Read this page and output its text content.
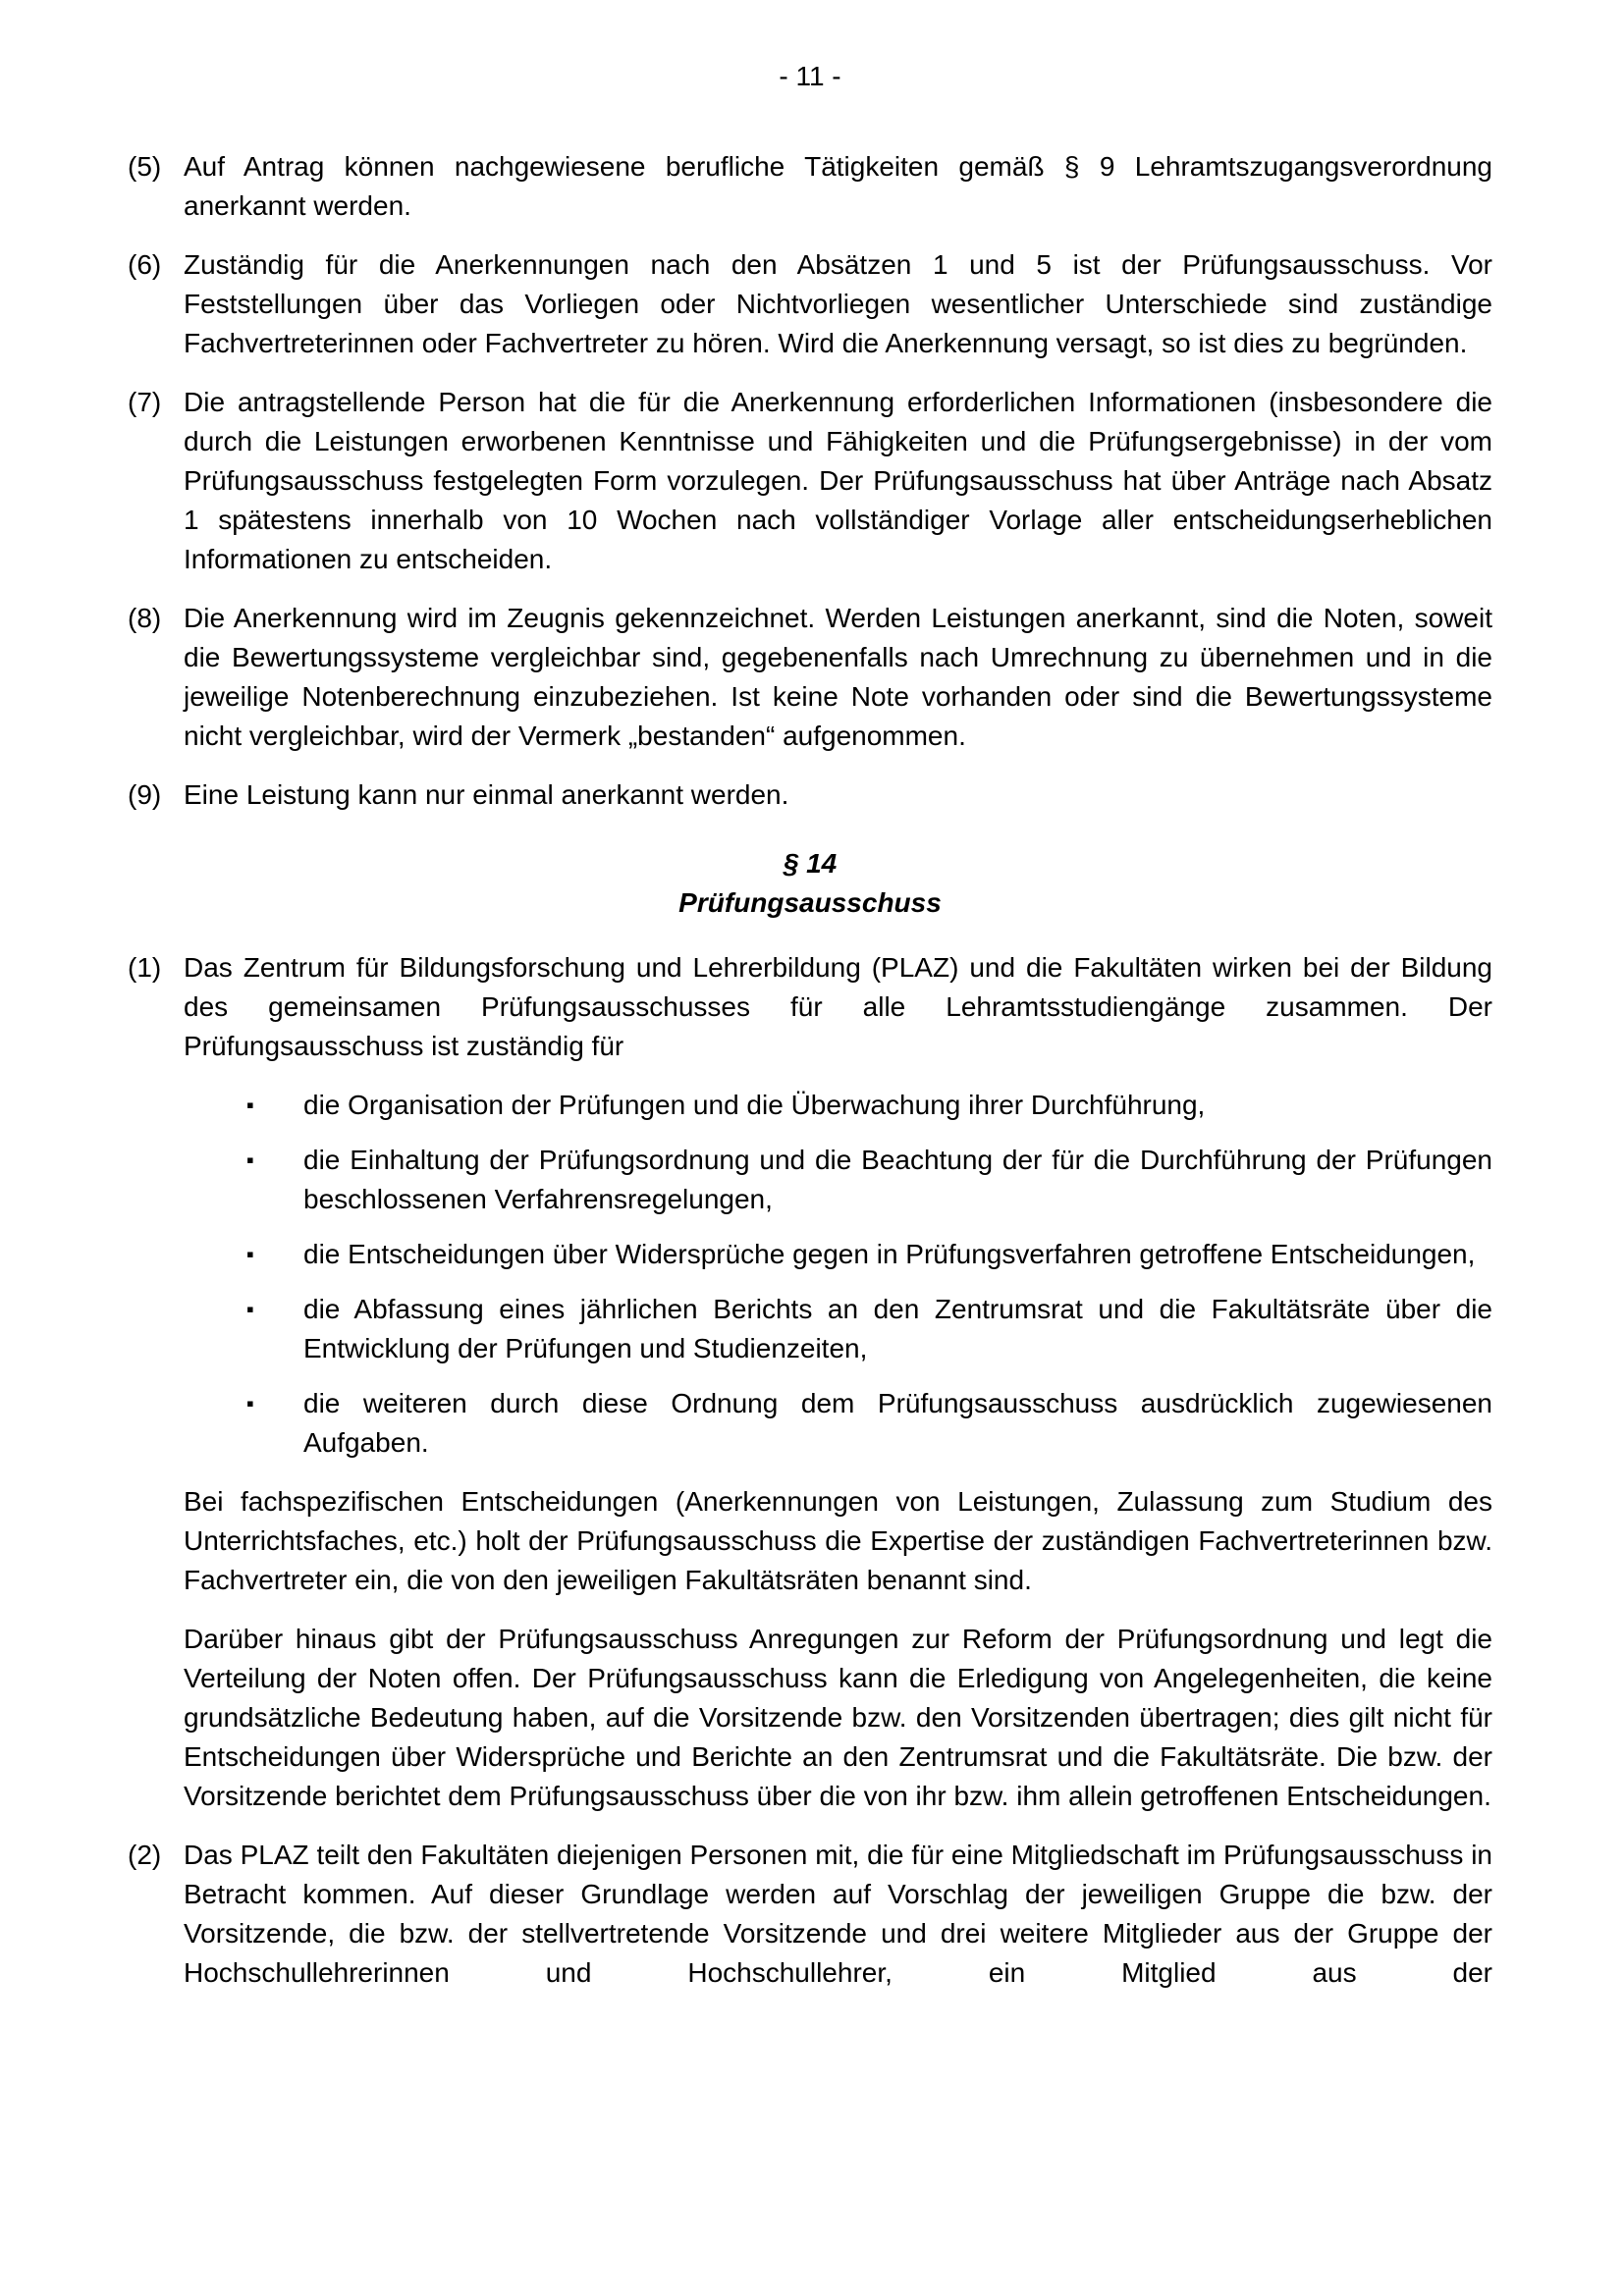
- 11 -
(5) Auf Antrag können nachgewiesene berufliche Tätigkeiten gemäß § 9 Lehramtszugangsverordnung anerkannt werden.

(6) Zuständig für die Anerkennungen nach den Absätzen 1 und 5 ist der Prüfungsausschuss. Vor Feststellungen über das Vorliegen oder Nichtvorliegen wesentlicher Unterschiede sind zuständige Fachvertreterinnen oder Fachvertreter zu hören. Wird die Anerkennung versagt, so ist dies zu begründen.

(7) Die antragstellende Person hat die für die Anerkennung erforderlichen Informationen (insbesondere die durch die Leistungen erworbenen Kenntnisse und Fähigkeiten und die Prüfungsergebnisse) in der vom Prüfungsausschuss festgelegten Form vorzulegen. Der Prüfungsausschuss hat über Anträge nach Absatz 1 spätestens innerhalb von 10 Wochen nach vollständiger Vorlage aller entscheidungserheblichen Informationen zu entscheiden.

(8) Die Anerkennung wird im Zeugnis gekennzeichnet. Werden Leistungen anerkannt, sind die Noten, soweit die Bewertungssysteme vergleichbar sind, gegebenenfalls nach Umrechnung zu übernehmen und in die jeweilige Notenberechnung einzubeziehen. Ist keine Note vorhanden oder sind die Bewertungssysteme nicht vergleichbar, wird der Vermerk „bestanden“ aufgenommen.

(9) Eine Leistung kann nur einmal anerkannt werden.

§ 14
Prüfungsausschuss
(1) Das Zentrum für Bildungsforschung und Lehrerbildung (PLAZ) und die Fakultäten wirken bei der Bildung des gemeinsamen Prüfungsausschusses für alle Lehramtsstudiengänge zusammen. Der Prüfungsausschuss ist zuständig für

▪	die Organisation der Prüfungen und die Überwachung ihrer Durchführung,
▪	die Einhaltung der Prüfungsordnung und die Beachtung der für die Durchführung der Prüfungen beschlossenen Verfahrensregelungen,
▪	die Entscheidungen über Widersprüche gegen in Prüfungsverfahren getroffene Entscheidungen,
▪	die Abfassung eines jährlichen Berichts an den Zentrumsrat und die Fakultätsräte über die Entwicklung der Prüfungen und Studienzeiten,
▪	die weiteren durch diese Ordnung dem Prüfungsausschuss ausdrücklich zugewiesenen Aufgaben.

Bei fachspezifischen Entscheidungen (Anerkennungen von Leistungen, Zulassung zum Studium des Unterrichtsfaches, etc.) holt der Prüfungsausschuss die Expertise der zuständigen Fachvertreterinnen bzw. Fachvertreter ein, die von den jeweiligen Fakultätsräten benannt sind.

Darüber hinaus gibt der Prüfungsausschuss Anregungen zur Reform der Prüfungsordnung und legt die Verteilung der Noten offen. Der Prüfungsausschuss kann die Erledigung von Angelegenheiten, die keine grundsätzliche Bedeutung haben, auf die Vorsitzende bzw. den Vorsitzenden übertragen; dies gilt nicht für Entscheidungen über Widersprüche und Berichte an den Zentrumsrat und die Fakultätsräte. Die bzw. der Vorsitzende berichtet dem Prüfungsausschuss über die von ihr bzw. ihm allein getroffenen Entscheidungen.

(2) Das PLAZ teilt den Fakultäten diejenigen Personen mit, die für eine Mitgliedschaft im Prüfungsausschuss in Betracht kommen. Auf dieser Grundlage werden auf Vorschlag der jeweiligen Gruppe die bzw. der Vorsitzende, die bzw. der stellvertretende Vorsitzende und drei weitere Mitglieder aus der Gruppe der Hochschullehrerinnen und Hochschullehrer, ein Mitglied aus der
